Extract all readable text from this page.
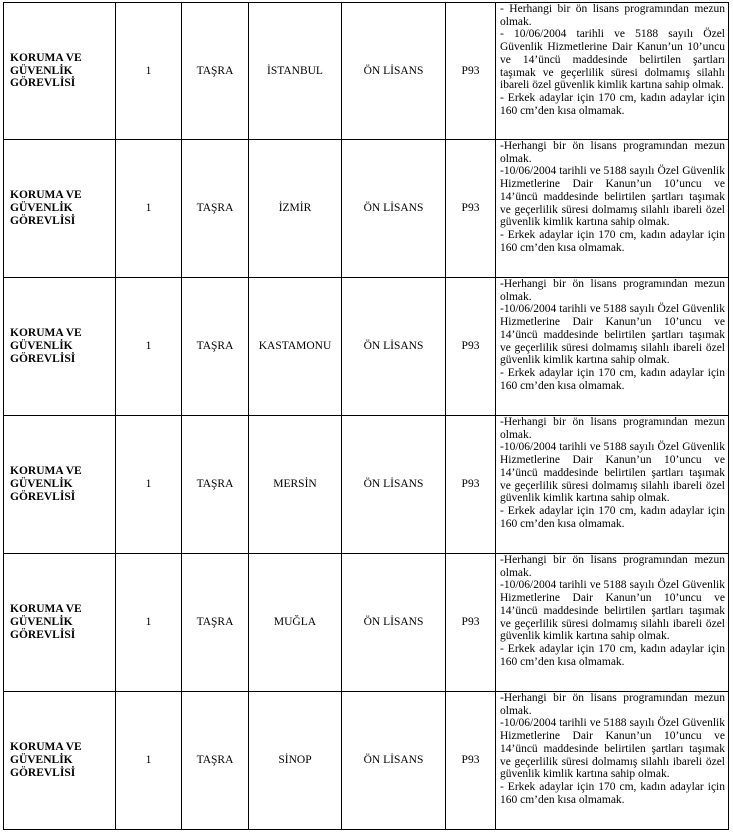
KORUMA VE GÜVENLİK GÖREVLİSİ	1	TAŞRA	İSTANBUL	ÖN LİSANS	P93	- Herhangi bir ön lisans programından mezun olmak.
- 10/06/2004 tarihli ve 5188 sayılı Özel Güvenlik Hizmetlerine Dair Kanun’un 10’uncu ve 14’üncü maddesinde belirtilen şartları taşımak ve geçerlilik süresi dolmamış silahlı ibareli özel güvenlik kimlik kartına sahip olmak.
- Erkek adaylar için 170 cm, kadın adaylar için 160 cm’den kısa olmamak.

KORUMA VE GÜVENLİK GÖREVLİSİ	1	TAŞRA	İZMİR	ÖN LİSANS	P93	-Herhangi bir ön lisans programından mezun olmak.
-10/06/2004 tarihli ve 5188 sayılı Özel Güvenlik Hizmetlerine Dair Kanun’un 10’uncu ve 14’üncü maddesinde belirtilen şartları taşımak ve geçerlilik süresi dolmamış silahlı ibareli özel güvenlik kimlik kartına sahip olmak.
- Erkek adaylar için 170 cm, kadın adaylar için 160 cm’den kısa olmamak.

KORUMA VE GÜVENLİK GÖREVLİSİ	1	TAŞRA	KASTAMONU	ÖN LİSANS	P93	-Herhangi bir ön lisans programından mezun olmak.
-10/06/2004 tarihli ve 5188 sayılı Özel Güvenlik Hizmetlerine Dair Kanun’un 10’uncu ve 14’üncü maddesinde belirtilen şartları taşımak ve geçerlilik süresi dolmamış silahlı ibareli özel güvenlik kimlik kartına sahip olmak.
- Erkek adaylar için 170 cm, kadın adaylar için 160 cm’den kısa olmamak.

KORUMA VE GÜVENLİK GÖREVLİSİ	1	TAŞRA	MERSİN	ÖN LİSANS	P93	-Herhangi bir ön lisans programından mezun olmak.
-10/06/2004 tarihli ve 5188 sayılı Özel Güvenlik Hizmetlerine Dair Kanun’un 10’uncu ve 14’üncü maddesinde belirtilen şartları taşımak ve geçerlilik süresi dolmamış silahlı ibareli özel güvenlik kimlik kartına sahip olmak.
- Erkek adaylar için 170 cm, kadın adaylar için 160 cm’den kısa olmamak.

KORUMA VE GÜVENLİK GÖREVLİSİ	1	TAŞRA	MUĞLA	ÖN LİSANS	P93	-Herhangi bir ön lisans programından mezun olmak.
-10/06/2004 tarihli ve 5188 sayılı Özel Güvenlik Hizmetlerine Dair Kanun’un 10’uncu ve 14’üncü maddesinde belirtilen şartları taşımak ve geçerlilik süresi dolmamış silahlı ibareli özel güvenlik kimlik kartına sahip olmak.
- Erkek adaylar için 170 cm, kadın adaylar için 160 cm’den kısa olmamak.

KORUMA VE GÜVENLİK GÖREVLİSİ	1	TAŞRA	SİNOP	ÖN LİSANS	P93	-Herhangi bir ön lisans programından mezun olmak.
-10/06/2004 tarihli ve 5188 sayılı Özel Güvenlik Hizmetlerine Dair Kanun’un 10’uncu ve 14’üncü maddesinde belirtilen şartları taşımak ve geçerlilik süresi dolmamış silahlı ibareli özel güvenlik kimlik kartına sahip olmak.
- Erkek adaylar için 170 cm, kadın adaylar için 160 cm’den kısa olmamak.
